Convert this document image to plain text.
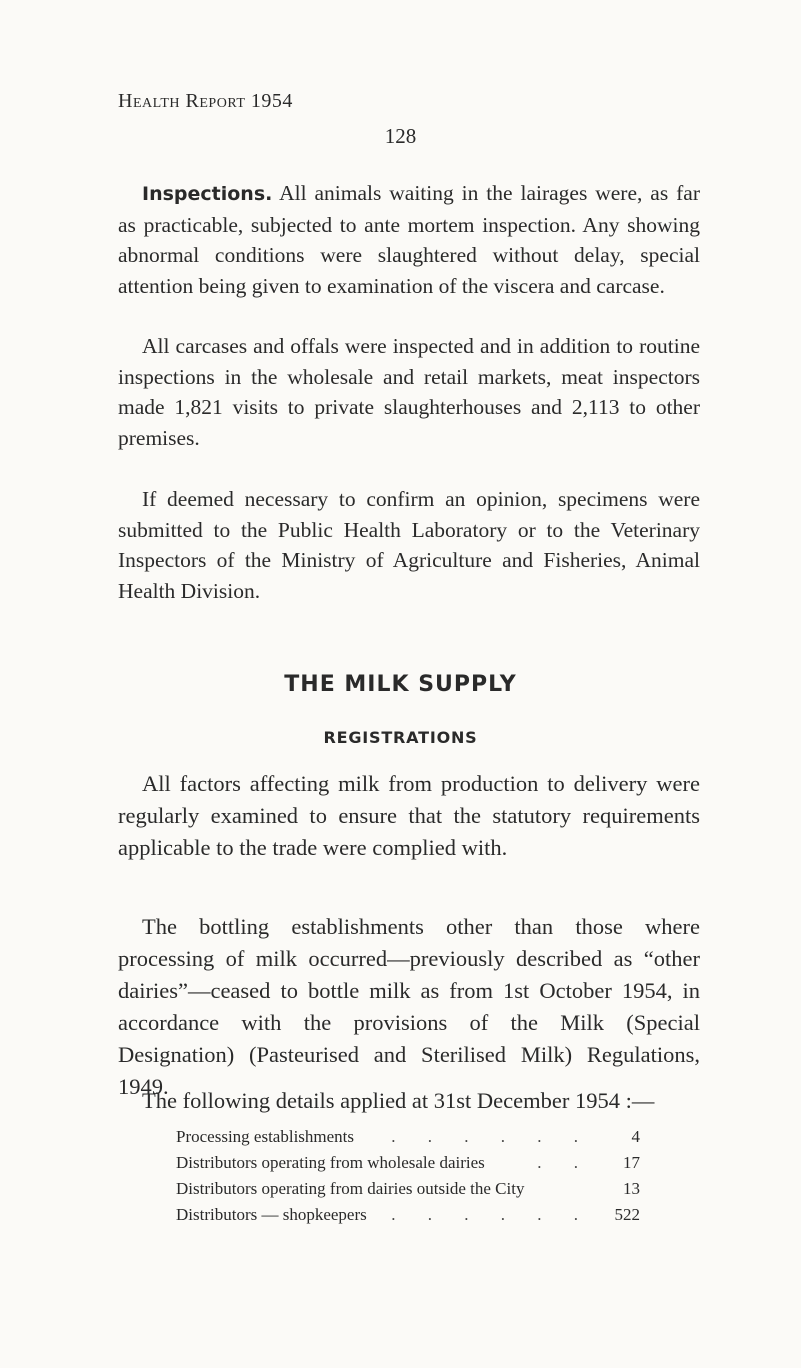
Health Report 1954
128

Inspections. All animals waiting in the lairages were, as far as practicable, subjected to ante mortem inspection. Any showing abnormal conditions were slaughtered without delay, special attention being given to examination of the viscera and carcase.

All carcases and offals were inspected and in addition to routine inspections in the wholesale and retail markets, meat inspectors made 1,821 visits to private slaughterhouses and 2,113 to other premises.

If deemed necessary to confirm an opinion, specimens were submitted to the Public Health Laboratory or to the Veterinary Inspectors of the Ministry of Agriculture and Fisheries, Animal Health Division.

THE MILK SUPPLY
REGISTRATIONS

All factors affecting milk from production to delivery were regularly examined to ensure that the statutory requirements applicable to the trade were complied with.

The bottling establishments other than those where processing of milk occurred—previously described as “other dairies”—ceased to bottle milk as from 1st October 1954, in accordance with the provisions of the Milk (Special Designation) (Pasteurised and Sterilised Milk) Regulations, 1949.

The following details applied at 31st December 1954 :—

Processing establishments	. . . . . .	4
Distributors operating from wholesale dairies	. .	17
Distributors operating from dairies outside the City	13
Distributors — shopkeepers	. . . . . .	522
